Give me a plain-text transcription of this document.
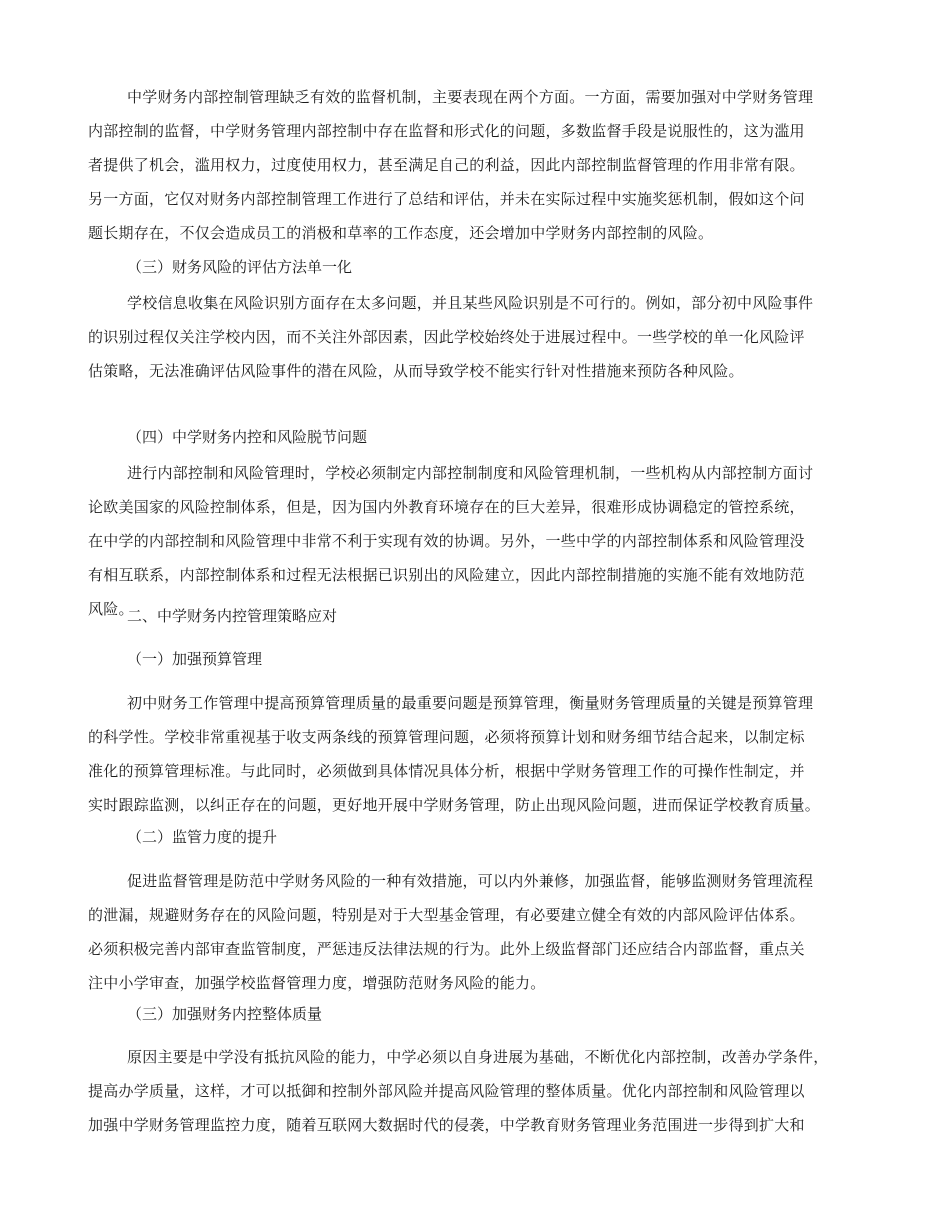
中学财务内部控制管理缺乏有效的监督机制，主要表现在两个方面。一方面，需要加强对中学财务管理
内部控制的监督，中学财务管理内部控制中存在监督和形式化的问题，多数监督手段是说服性的，这为滥用
者提供了机会，滥用权力，过度使用权力，甚至满足自己的利益，因此内部控制监督管理的作用非常有限。
另一方面，它仅对财务内部控制管理工作进行了总结和评估，并未在实际过程中实施奖惩机制，假如这个问
题长期存在，不仅会造成员工的消极和草率的工作态度，还会增加中学财务内部控制的风险。
（三）财务风险的评估方法单一化
学校信息收集在风险识别方面存在太多问题，并且某些风险识别是不可行的。例如，部分初中风险事件
的识别过程仅关注学校内因，而不关注外部因素，因此学校始终处于进展过程中。一些学校的单一化风险评
估策略，无法准确评估风险事件的潜在风险，从而导致学校不能实行针对性措施来预防各种风险。
（四）中学财务内控和风险脱节问题
进行内部控制和风险管理时，学校必须制定内部控制制度和风险管理机制，一些机构从内部控制方面讨
论欧美国家的风险控制体系，但是，因为国内外教育环境存在的巨大差异，很难形成协调稳定的管控系统，
在中学的内部控制和风险管理中非常不利于实现有效的协调。另外，一些中学的内部控制体系和风险管理没
有相互联系，内部控制体系和过程无法根据已识别出的风险建立，因此内部控制措施的实施不能有效地防范
风险。
二、中学财务内控管理策略应对
（一）加强预算管理
初中财务工作管理中提高预算管理质量的最重要问题是预算管理，衡量财务管理质量的关键是预算管理
的科学性。学校非常重视基于收支两条线的预算管理问题，必须将预算计划和财务细节结合起来，以制定标
准化的预算管理标准。与此同时，必须做到具体情况具体分析，根据中学财务管理工作的可操作性制定，并
实时跟踪监测，以纠正存在的问题，更好地开展中学财务管理，防止出现风险问题，进而保证学校教育质量。
（二）监管力度的提升
促进监督管理是防范中学财务风险的一种有效措施，可以内外兼修，加强监督，能够监测财务管理流程
的泄漏，规避财务存在的风险问题，特别是对于大型基金管理，有必要建立健全有效的内部风险评估体系。
必须积极完善内部审查监管制度，严惩违反法律法规的行为。此外上级监督部门还应结合内部监督，重点关
注中小学审查，加强学校监督管理力度，增强防范财务风险的能力。
（三）加强财务内控整体质量
原因主要是中学没有抵抗风险的能力，中学必须以自身进展为基础，不断优化内部控制，改善办学条件，
提高办学质量，这样，才可以抵御和控制外部风险并提高风险管理的整体质量。优化内部控制和风险管理以
加强中学财务管理监控力度，随着互联网大数据时代的侵袭，中学教育财务管理业务范围进一步得到扩大和
